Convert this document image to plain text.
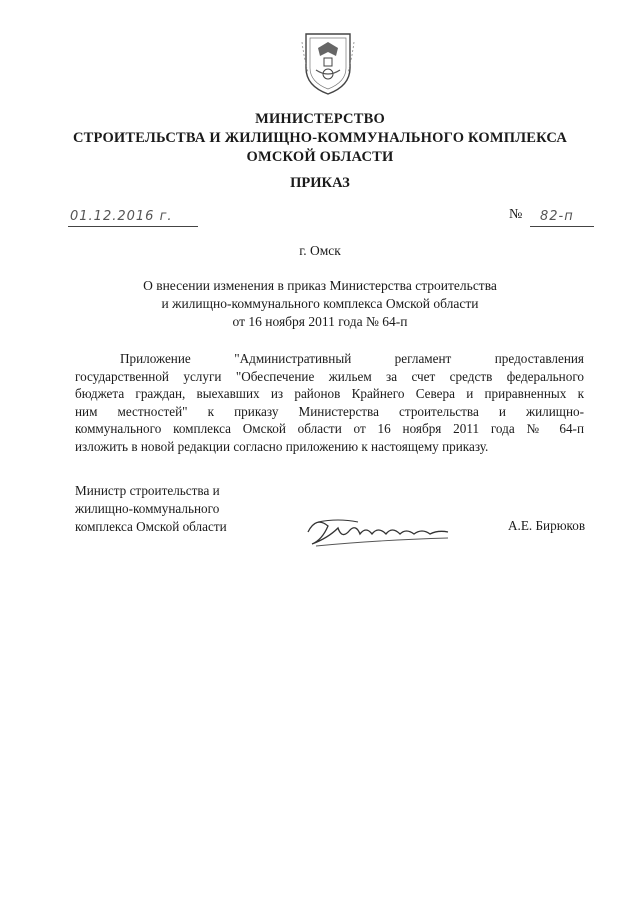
МИНИСТЕРСТВО
СТРОИТЕЛЬСТВА И ЖИЛИЩНО-КОММУНАЛЬНОГО КОМПЛЕКСА
ОМСКОЙ ОБЛАСТИ
ПРИКАЗ
01.12.2016 г.	№ 82-п
г. Омск
О внесении изменения в приказ Министерства строительства
и жилищно-коммунального комплекса Омской области
от 16 ноября 2011 года № 64-п
Приложение "Административный регламент предоставления
государственной услуги "Обеспечение жильем за счет средств федерального
бюджета граждан, выехавших из районов Крайнего Севера и приравненных к
ним местностей" к приказу Министерства строительства и жилищно-
коммунального комплекса Омской области от 16 ноября 2011 года № 64-п
изложить в новой редакции согласно приложению к настоящему приказу.
Министр строительства и
жилищно-коммунального
комплекса Омской области	А.Е. Бирюков
